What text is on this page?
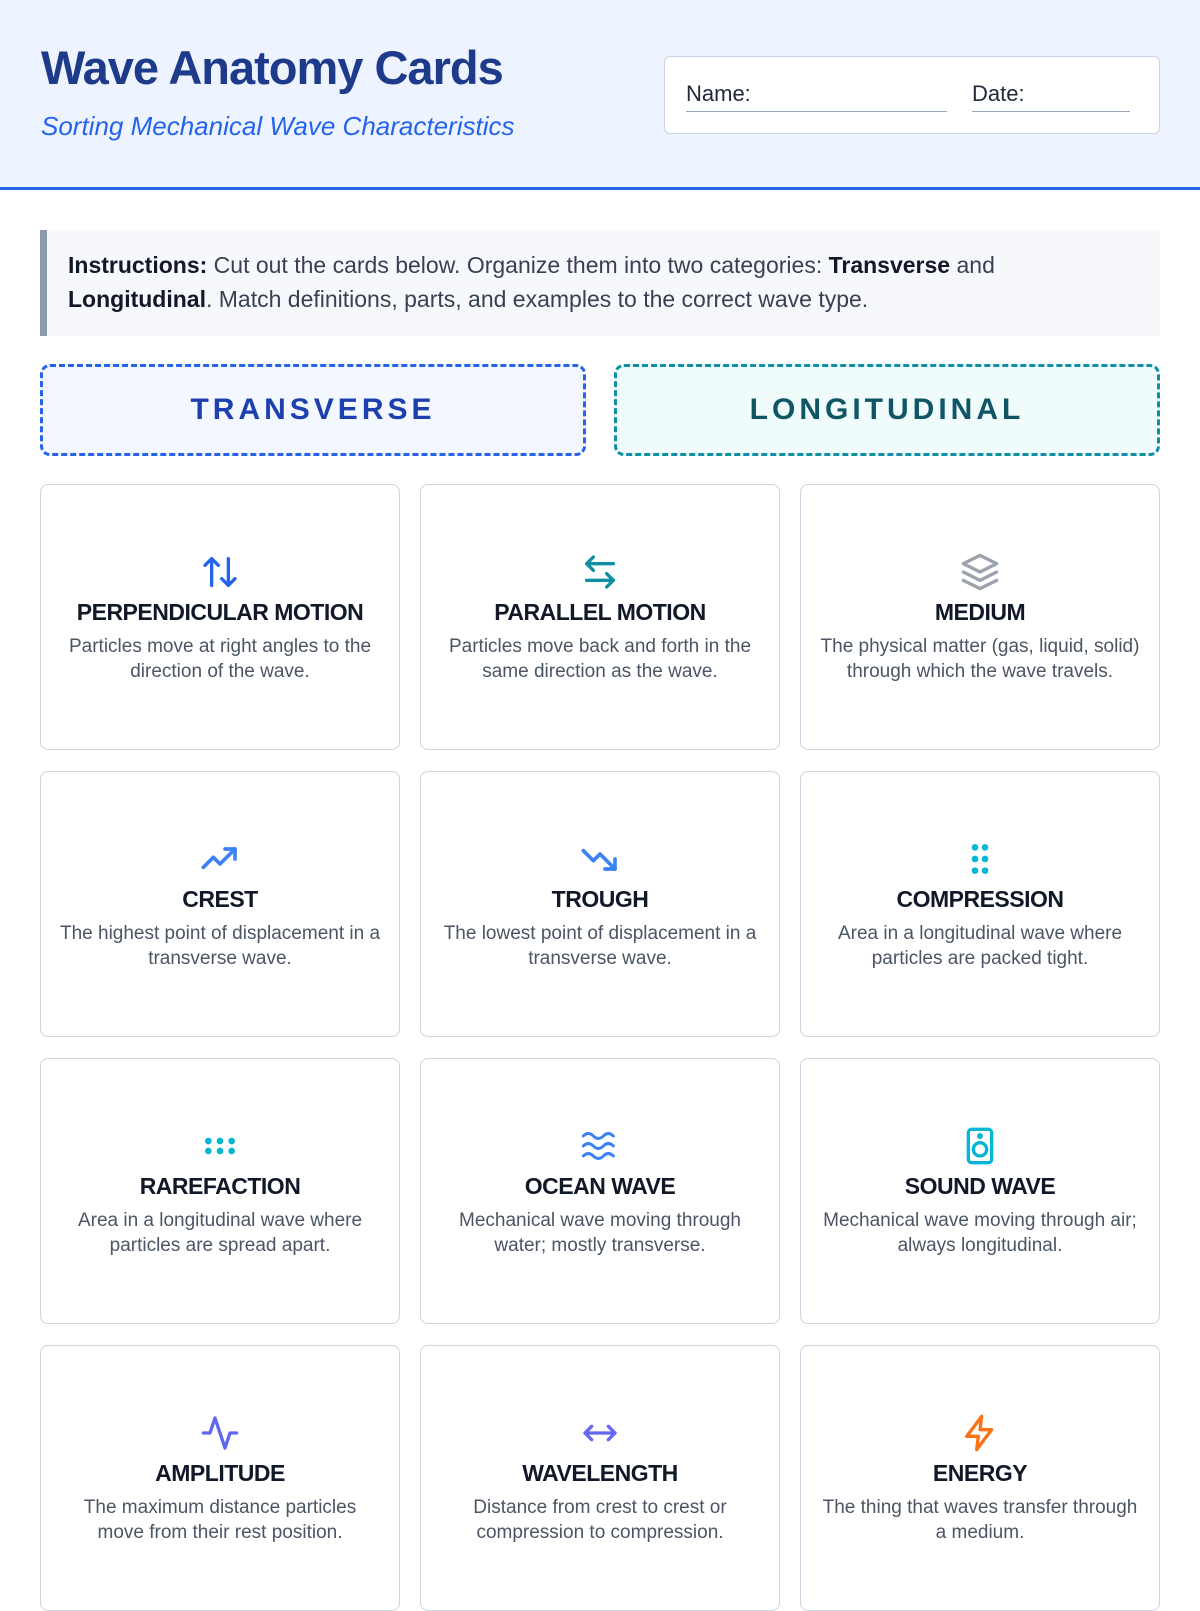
Wave Anatomy Cards
Sorting Mechanical Wave Characteristics
Name:	Date:
Instructions: Cut out the cards below. Organize them into two categories: Transverse and Longitudinal. Match definitions, parts, and examples to the correct wave type.
TRANSVERSE	LONGITUDINAL
PERPENDICULAR MOTION

Particles move at right angles to the direction of the wave.

PARALLEL MOTION

Particles move back and forth in the same direction as the wave.

MEDIUM

The physical matter (gas, liquid, solid) through which the wave travels.

CREST

The highest point of displacement in a transverse wave.

TROUGH

The lowest point of displacement in a transverse wave.

COMPRESSION

Area in a longitudinal wave where particles are packed tight.

RAREFACTION

Area in a longitudinal wave where particles are spread apart.

OCEAN WAVE

Mechanical wave moving through water; mostly transverse.

SOUND WAVE

Mechanical wave moving through air; always longitudinal.

AMPLITUDE

The maximum distance particles move from their rest position.

WAVELENGTH

Distance from crest to crest or compression to compression.

ENERGY

The thing that waves transfer through a medium.
